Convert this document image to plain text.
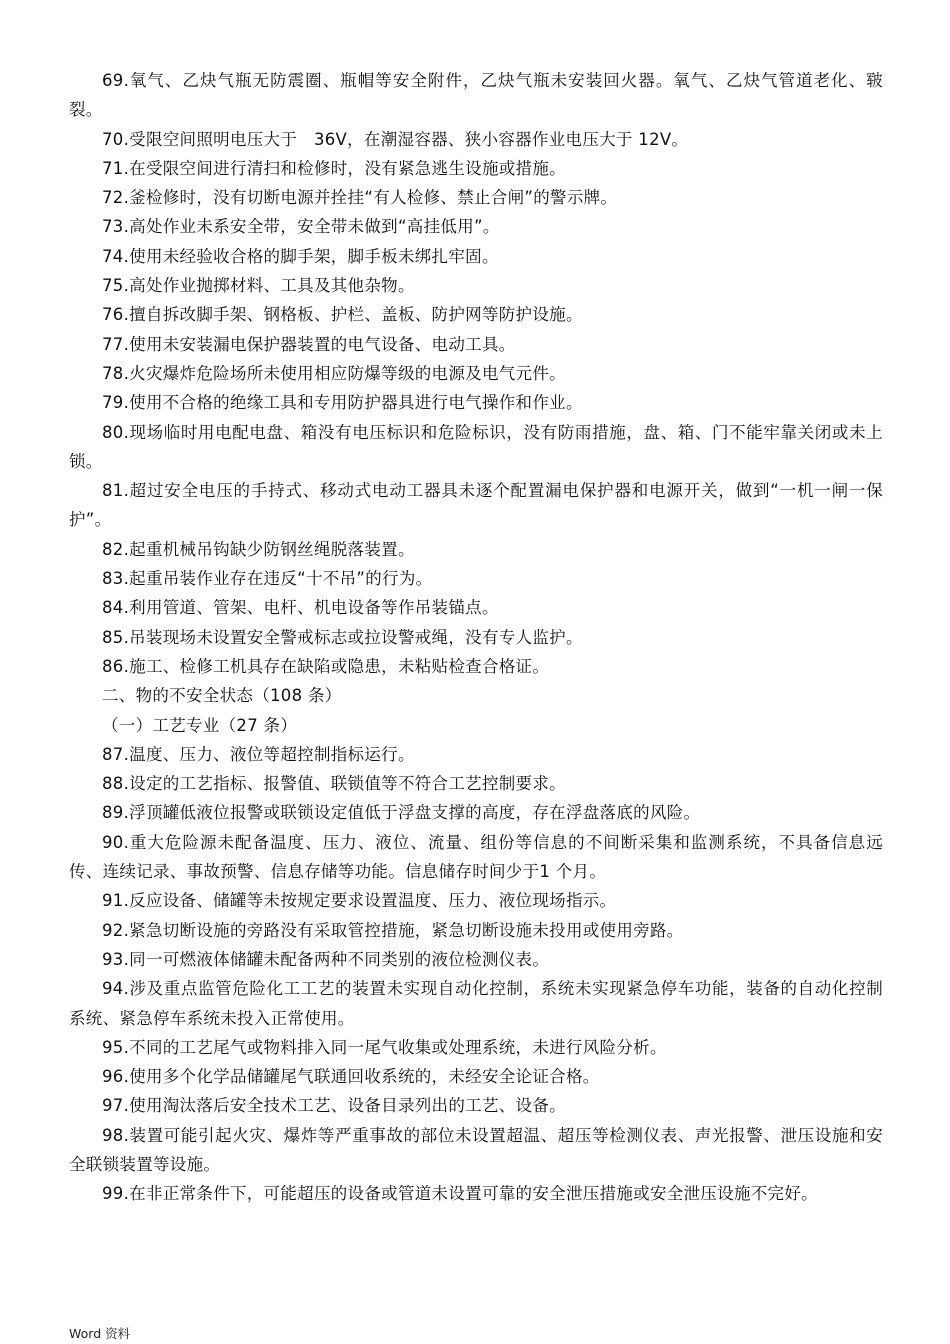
69.氧气、乙炔气瓶无防震圈、瓶帽等安全附件，乙炔气瓶未安装回火器。氧气、乙炔气管道老化、皲裂。

70.受限空间照明电压大于　36V，在潮湿容器、狭小容器作业电压大于 12V。

71.在受限空间进行清扫和检修时，没有紧急逃生设施或措施。

72.釜检修时，没有切断电源并拴挂“有人检修、禁止合闸”的警示牌。

73.高处作业未系安全带，安全带未做到“高挂低用”。

74.使用未经验收合格的脚手架，脚手板未绑扎牢固。

75.高处作业抛掷材料、工具及其他杂物。

76.擅自拆改脚手架、钢格板、护栏、盖板、防护网等防护设施。

77.使用未安装漏电保护器装置的电气设备、电动工具。

78.火灾爆炸危险场所未使用相应防爆等级的电源及电气元件。

79.使用不合格的绝缘工具和专用防护器具进行电气操作和作业。

80.现场临时用电配电盘、箱没有电压标识和危险标识，没有防雨措施，盘、箱、门不能牢靠关闭或未上锁。

81.超过安全电压的手持式、移动式电动工器具未逐个配置漏电保护器和电源开关，做到“一机一闸一保护”。

82.起重机械吊钩缺少防钢丝绳脱落装置。

83.起重吊装作业存在违反“十不吊”的行为。

84.利用管道、管架、电杆、机电设备等作吊装锚点。

85.吊装现场未设置安全警戒标志或拉设警戒绳，没有专人监护。

86.施工、检修工机具存在缺陷或隐患，未粘贴检查合格证。

二、物的不安全状态（108 条）

（一）工艺专业（27 条）

87.温度、压力、液位等超控制指标运行。

88.设定的工艺指标、报警值、联锁值等不符合工艺控制要求。

89.浮顶罐低液位报警或联锁设定值低于浮盘支撑的高度，存在浮盘落底的风险。

90.重大危险源未配备温度、压力、液位、流量、组份等信息的不间断采集和监测系统，不具备信息远传、连续记录、事故预警、信息存储等功能。信息储存时间少于1 个月。

91.反应设备、储罐等未按规定要求设置温度、压力、液位现场指示。

92.紧急切断设施的旁路没有采取管控措施，紧急切断设施未投用或使用旁路。

93.同一可燃液体储罐未配备两种不同类别的液位检测仪表。

94.涉及重点监管危险化工工艺的装置未实现自动化控制，系统未实现紧急停车功能，装备的自动化控制系统、紧急停车系统未投入正常使用。

95.不同的工艺尾气或物料排入同一尾气收集或处理系统，未进行风险分析。

96.使用多个化学品储罐尾气联通回收系统的，未经安全论证合格。

97.使用淘汰落后安全技术工艺、设备目录列出的工艺、设备。

98.装置可能引起火灾、爆炸等严重事故的部位未设置超温、超压等检测仪表、声光报警、泄压设施和安全联锁装置等设施。

99.在非正常条件下，可能超压的设备或管道未设置可靠的安全泄压措施或安全泄压设施不完好。

Word 资料
